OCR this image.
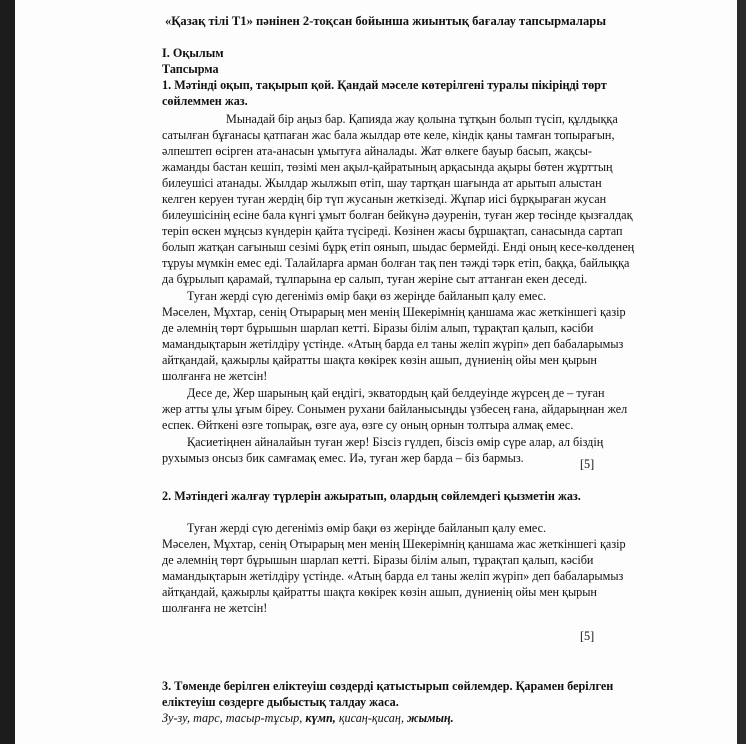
«Қазақ тілі Т1» пәнінен 2-тоқсан бойынша жиынтық бағалау тапсырмалары
І. Оқылым
Тапсырма
1. Мәтінді оқып, тақырып қой. Қандай мәселе көтерілгені туралы пікіріңді төрт
сөйлеммен жаз.
Мынадай бір аңыз бар. Қапияда жау қолына тұтқын болып түсіп, құлдыққа
сатылған бұғанасы қатпаған жас бала жылдар өте келе, кіндік қаны тамған топырағын,
әлпештеп өсірген ата-анасын ұмытуға айналады. Жат өлкеге бауыр басып, жақсы-
жаманды бастан кешіп, төзімі мен ақыл-қайратының арқасында ақыры бөтен жұрттың
билеушісі атанады. Жылдар жылжып өтіп, шау тартқан шағында ат арытып алыстан
келген керуен туған жердің бір түп жусанын жеткізеді. Жұпар иісі бұрқыраған жусан
билеушісінің есіне бала күнгі ұмыт болған бейкүнә дәуренін, туған жер төсінде қызғалдақ
теріп өскен мұңсыз күндерін қайта түсіреді. Көзінен жасы бұршақтап, санасында сартап
болып жатқан сағыныш сезімі бұрқ етіп оянып, шыдас бермейді. Енді оның кесе-көлденең
тұруы мүмкін емес еді. Талайларға арман болған тақ пен тәжді тәрк етіп, баққа, байлыққа
да бұрылып қарамай, тұлпарына ер салып, туған жеріне сыт аттанған екен деседі.
Туған жерді сүю дегеніміз өмір бақи өз жеріңде байланып қалу емес.
Мәселен, Мұхтар, сенің Отырарың мен менің Шекерімнің қаншама жас жеткіншегі қазір
де әлемнің төрт бұрышын шарлап кетті. Біразы білім алып, тұрақтап қалып, кәсіби
мамандықтарын жетілдіру үстінде. «Атың барда ел таны желіп жүріп» деп бабаларымыз
айтқандай, қажырлы қайратты шақта көкірек көзін ашып, дүниенің ойы мен қырын
шолғанға не жетсін!
Десе де, Жер шарының қай еңдігі, экватордың қай белдеуінде жүрсең де – туған
жер атты ұлы ұғым біреу. Сонымен рухани байланысыңды үзбесең ғана, айдарыңнан жел
еспек. Өйткені өзге топырақ, өзге ауа, өзге су оның орнын толтыра алмақ емес.
Қасиетіңнен айналайын туған жер! Бізсіз гүлдеп, бізсіз өмір сүре алар, ал біздің
рухымыз онсыз бик самғамақ емес. Иә, туған жер барда – біз бармыз.	[5]
2. Мәтіндегі жалғау түрлерін ажыратып, олардың сөйлемдегі қызметін жаз.
Туған жерді сүю дегеніміз өмір бақи өз жеріңде байланып қалу емес.
Мәселен, Мұхтар, сенің Отырарың мен менің Шекерімнің қаншама жас жеткіншегі қазір
де әлемнің төрт бұрышын шарлап кетті. Біразы білім алып, тұрақтап қалып, кәсіби
мамандықтарын жетілдіру үстінде. «Атың барда ел таны желіп жүріп» деп бабаларымыз
айтқандай, қажырлы қайратты шақта көкірек көзін ашып, дүниенің ойы мен қырын
шолғанға не жетсін!
[5]
3. Төменде берілген еліктеуіш сөздерді қатыстырып сөйлемдер. Қарамен берілген
еліктеуіш сөздерге дыбыстық талдау жаса.
Зу-зу, тарс, тасыр-тұсыр, күмп, қисаң-қисаң, жымың.
